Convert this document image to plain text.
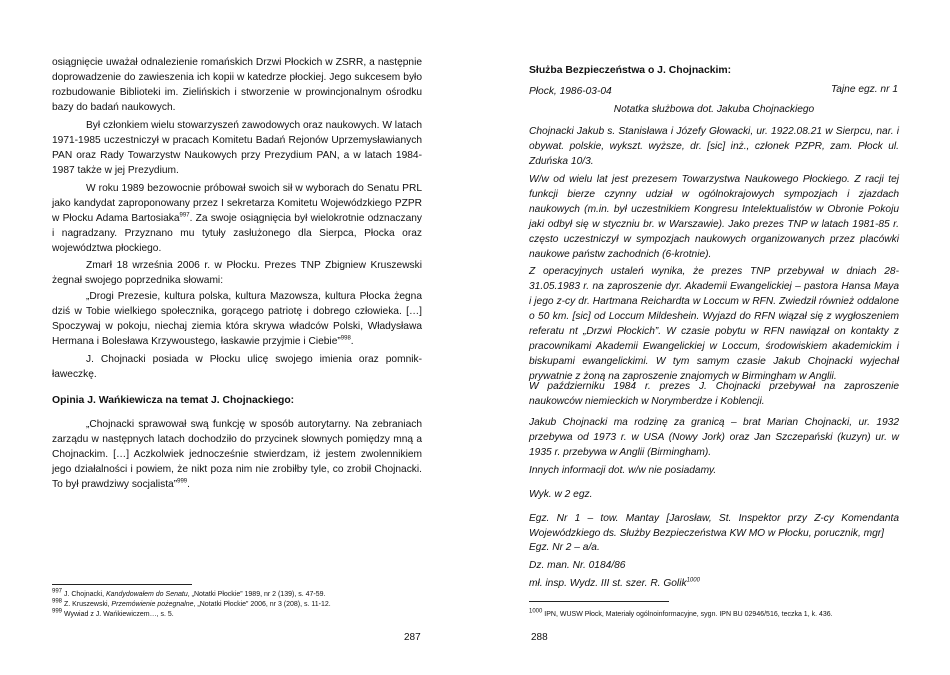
osiągnięcie uważał odnalezienie romańskich Drzwi Płockich w ZSRR, a następnie doprowadzenie do zawieszenia ich kopii w katedrze płockiej. Jego sukcesem było rozbudowanie Biblioteki im. Zielińskich i stworzenie w prowincjonalnym ośrodku bazy do badań naukowych.

Był członkiem wielu stowarzyszeń zawodowych oraz naukowych. W latach 1971-1985 uczestniczył w pracach Komitetu Badań Rejonów Uprzemysławianych PAN oraz Rady Towarzystw Naukowych przy Prezydium PAN, a w latach 1984-1987 także w jej Prezydium.

W roku 1989 bezowocnie próbował swoich sił w wyborach do Senatu PRL jako kandydat zaproponowany przez I sekretarza Komitetu Wojewódzkiego PZPR w Płocku Adama Bartosiaka$^{997}$. Za swoje osiągnięcia był wielokrotnie odznaczany i nagradzany. Przyznano mu tytuły zasłużonego dla Sierpca, Płocka oraz województwa płockiego.

Zmarł 18 września 2006 r. w Płocku. Prezes TNP Zbigniew Kruszewski żegnał swojego poprzednika słowami:

„Drogi Prezesie, kultura polska, kultura Mazowsza, kultura Płocka żegna dziś w Tobie wielkiego społecznika, gorącego patriotę i dobrego człowieka. […] Spoczywaj w pokoju, niechaj ziemia która skrywa władców Polski, Władysława Hermana i Bolesława Krzywoustego, łaskawie przyjmie i Ciebie”$^{998}$.

J. Chojnacki posiada w Płocku ulicę swojego imienia oraz pomnik-ławeczkę.

Opinia J. Wańkiewicza na temat J. Chojnackiego:

„Chojnacki sprawował swą funkcję w sposób autorytarny. Na zebraniach zarządu w następnych latach dochodziło do przycinek słownych pomiędzy mną a Chojnackim. […] Aczkolwiek jednocześnie stwierdzam, iż jestem zwolennikiem jego działalności i powiem, że nikt poza nim nie zrobiłby tyle, co zrobił Chojnacki. To był prawdziwy socjalista”$^{999}$.

$^{997}$ J. Chojnacki, Kandydowałem do Senatu, „Notatki Płockie” 1989, nr 2 (139), s. 47-59.

$^{998}$ Z. Kruszewski, Przemówienie pożegnalne, „Notatki Płockie” 2006, nr 3 (208), s. 11-12.

$^{999}$ Wywiad z J. Wańkiewiczem…, s. 5.

287

Służba Bezpieczeństwa o J. Chojnackim:

Płock, 1986-03-04	Tajne egz. nr 1

Notatka służbowa dot. Jakuba Chojnackiego

Chojnacki Jakub s. Stanisława i Józefy Głowacki, ur. 1922.08.21 w Sierpcu, nar. i obywat. polskie, wykszt. wyższe, dr. [sic] inż., członek PZPR, zam. Płock ul. Zduńska 10/3.

W/w od wielu lat jest prezesem Towarzystwa Naukowego Płockiego. Z racji tej funkcji bierze czynny udział w ogólnokrajowych sympozjach i zjazdach naukowych (m.in. był uczestnikiem Kongresu Intelektualistów w Obronie Pokoju jaki odbył się w styczniu br. w Warszawie). Jako prezes TNP w latach 1981-85 r. często uczestniczył w sympozjach naukowych organizowanych przez placówki naukowe państw zachodnich (6-krotnie).

Z operacyjnych ustaleń wynika, że prezes TNP przebywał w dniach 28-31.05.1983 r. na zaproszenie dyr. Akademii Ewangelickiej – pastora Hansa Maya i jego z-cy dr. Hartmana Reichardta w Loccum w RFN. Zwiedził również oddalone o 50 km. [sic] od Loccum Mildeshein. Wyjazd do RFN wiązał się z wygłoszeniem referatu nt „Drzwi Płockich”. W czasie pobytu w RFN nawiązał on kontakty z pracownikami Akademii Ewangelickiej w Loccum, środowiskiem akademickim i biskupami ewangelickimi. W tym samym czasie Jakub Chojnacki wyjechał prywatnie z żoną na zaproszenie znajomych w Birmingham w Anglii.

W październiku 1984 r. prezes J. Chojnacki przebywał na zaproszenie naukowców niemieckich w Norymberdze i Koblencji.

Jakub Chojnacki ma rodzinę za granicą – brat Marian Chojnacki, ur. 1932 przebywa od 1973 r. w USA (Nowy Jork) oraz Jan Szczepański (kuzyn) ur. w 1935 r. przebywa w Anglii (Birmingham).

Innych informacji dot. w/w nie posiadamy.

Wyk. w 2 egz.

Egz. Nr 1 – tow. Mantay [Jarosław, St. Inspektor przy Z-cy Komendanta Wojewódzkiego ds. Służby Bezpieczeństwa KW MO w Płocku, porucznik, mgr]

Egz. Nr 2 – a/a.

Dz. man. Nr. 0184/86

mł. insp. Wydz. III st. szer. R. Golik$^{1000}$

$^{1000}$ IPN, WUSW Płock, Materiały ogólnoinformacyjne, sygn. IPN BU 02946/516, teczka 1, k. 436.

288
